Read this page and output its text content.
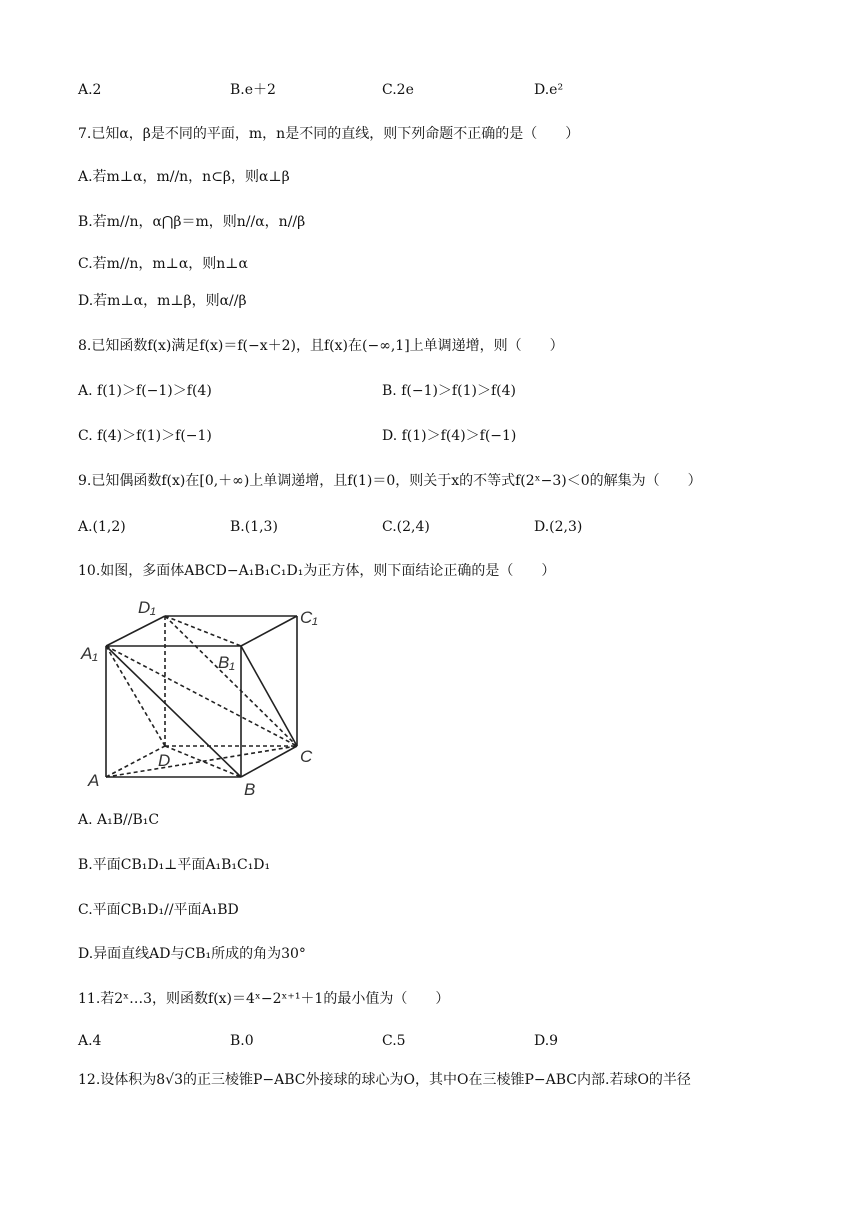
A.2	B.e＋2	C.2e	D.e²
7.已知α，β是不同的平面，m，n是不同的直线，则下列命题不正确的是（　　）
A.若m⊥α，m//n，n⊂β，则α⊥β
B.若m//n，α⋂β＝m，则n//α，n//β
C.若m//n，m⊥α，则n⊥α
D.若m⊥α，m⊥β，则α//β
8.已知函数f(x)满足f(x)＝f(−x＋2)，且f(x)在(−∞,1]上单调递增，则（　　）
A. f(1)＞f(−1)＞f(4)	B. f(−1)＞f(1)＞f(4)
C. f(4)＞f(1)＞f(−1)	D. f(1)＞f(4)＞f(−1)
9.已知偶函数f(x)在[0,＋∞)上单调递增，且f(1)＝0，则关于x的不等式f(2ˣ−3)＜0的解集为（　　）
A.(1,2)	B.(1,3)	C.(2,4)	D.(2,3)
10.如图，多面体ABCD−A₁B₁C₁D₁为正方体，则下面结论正确的是（　　）
D₁
C₁
A₁	B₁
D	C
A	B
A. A₁B//B₁C
B.平面CB₁D₁⊥平面A₁B₁C₁D₁
C.平面CB₁D₁//平面A₁BD
D.异面直线AD与CB₁所成的角为30°
11.若2ˣ…3，则函数f(x)＝4ˣ−2ˣ⁺¹＋1的最小值为（　　）
A.4	B.0	C.5	D.9
12.设体积为8√3的正三棱锥P−ABC外接球的球心为O，其中O在三棱锥P−ABC内部.若球O的半径
